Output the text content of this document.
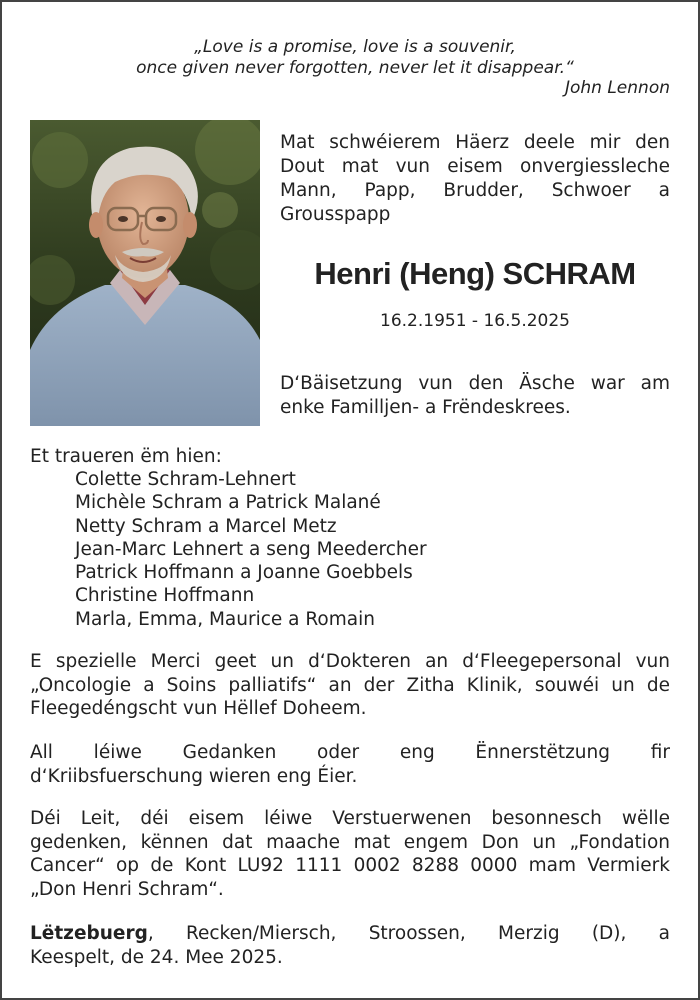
„Love is a promise, love is a souvenir,
once given never forgotten, never let it disappear.“
John Lennon
Mat schwéierem Häerz deele mir den
Dout mat vun eisem onvergiessleche
Mann, Papp, Brudder, Schwoer a
Grousspapp
Henri (Heng) SCHRAM
16.2.1951 - 16.5.2025
D‘Bäisetzung vun den Äsche war am
enke Familljen- a Frëndeskrees.
Et traueren ëm hien:
Colette Schram-Lehnert
Michèle Schram a Patrick Malané
Netty Schram a Marcel Metz
Jean-Marc Lehnert a seng Meedercher
Patrick Hoffmann a Joanne Goebbels
Christine Hoffmann
Marla, Emma, Maurice a Romain
E spezielle Merci geet un d‘Dokteren an d‘Fleegepersonal vun
„Oncologie a Soins palliatifs“ an der Zitha Klinik, souwéi un de
Fleegedéngscht vun Hëllef Doheem.
All léiwe Gedanken oder eng Ënnerstëtzung fir
d‘Kriibsfuerschung wieren eng Éier.
Déi Leit, déi eisem léiwe Verstuerwenen besonnesch wëlle
gedenken, kënnen dat maache mat engem Don un „Fondation
Cancer“ op de Kont LU92 1111 0002 8288 0000 mam Vermierk
„Don Henri Schram“.
Lëtzebuerg, Recken/Miersch, Stroossen, Merzig (D), a
Keespelt, de 24. Mee 2025.
